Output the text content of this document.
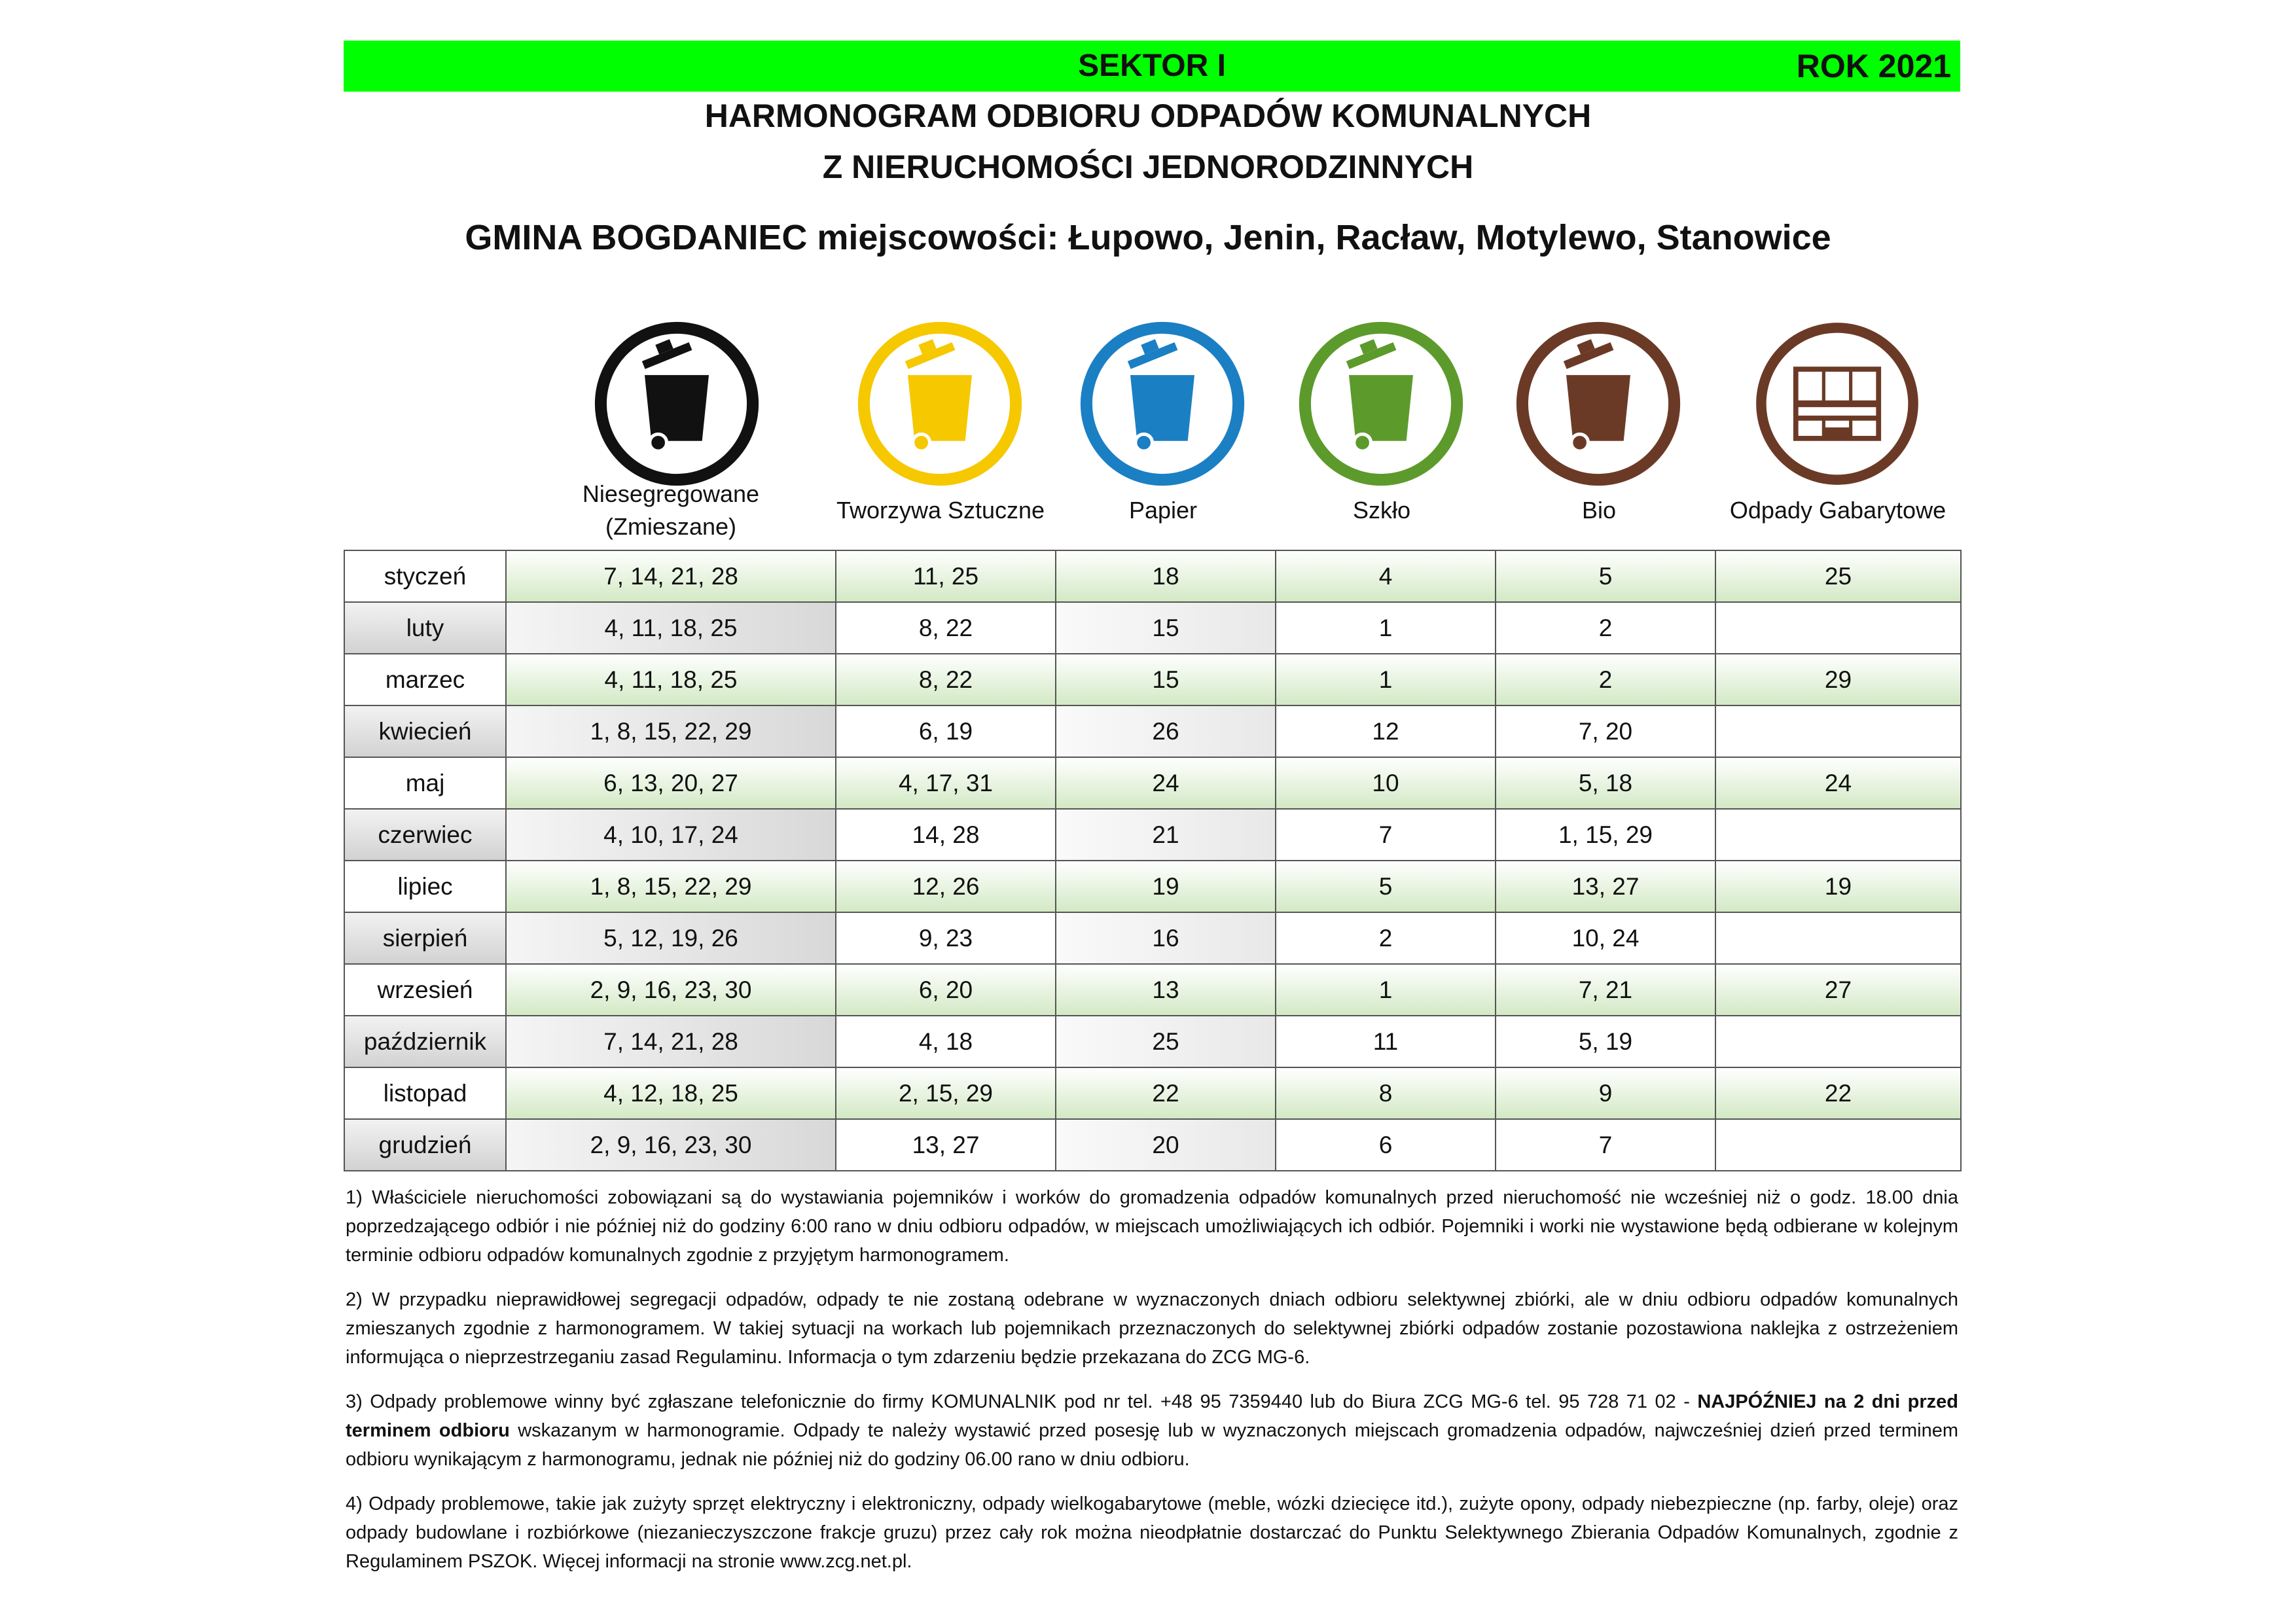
SEKTOR I	ROK 2021
HARMONOGRAM ODBIORU ODPADÓW KOMUNALNYCH
Z NIERUCHOMOŚCI JEDNORODZINNYCH
GMINA BOGDANIEC miejscowości: Łupowo, Jenin, Racław, Motylewo, Stanowice
Niesegregowane
(Zmieszane)
Tworzywa Sztuczne	Papier	Szkło	Bio	Odpady Gabarytowe
styczeń	7, 14, 21, 28	11, 25	18	4	5	25
luty	4, 11, 18, 25	8, 22	15	1	2	
marzec	4, 11, 18, 25	8, 22	15	1	2	29
kwiecień	1, 8, 15, 22, 29	6, 19	26	12	7, 20	
maj	6, 13, 20, 27	4, 17, 31	24	10	5, 18	24
czerwiec	4, 10, 17, 24	14, 28	21	7	1, 15, 29	
lipiec	1, 8, 15, 22, 29	12, 26	19	5	13, 27	19
sierpień	5, 12, 19, 26	9, 23	16	2	10, 24	
wrzesień	2, 9, 16, 23, 30	6, 20	13	1	7, 21	27
październik	7, 14, 21, 28	4, 18	25	11	5, 19	
listopad	4, 12, 18, 25	2, 15, 29	22	8	9	22
grudzień	2, 9, 16, 23, 30	13, 27	20	6	7	

1) Właściciele nieruchomości zobowiązani są do wystawiania pojemników i worków do gromadzenia odpadów komunalnych przed nieruchomość nie wcześniej niż o godz. 18.00 dnia poprzedzającego odbiór i nie później niż do godziny 6:00 rano w dniu odbioru odpadów, w miejscach umożliwiających ich odbiór. Pojemniki i worki nie wystawione będą odbierane w kolejnym terminie odbioru odpadów komunalnych zgodnie z przyjętym harmonogramem.

2) W przypadku nieprawidłowej segregacji odpadów, odpady te nie zostaną odebrane w wyznaczonych dniach odbioru selektywnej zbiórki, ale w dniu odbioru odpadów komunalnych zmieszanych zgodnie z harmonogramem. W takiej sytuacji na workach lub pojemnikach przeznaczonych do selektywnej zbiórki odpadów zostanie pozostawiona naklejka z ostrzeżeniem informująca o nieprzestrzeganiu zasad Regulaminu. Informacja o tym zdarzeniu będzie przekazana do ZCG MG-6.

3) Odpady problemowe winny być zgłaszane telefonicznie do firmy KOMUNALNIK pod nr tel. +48 95 7359440 lub do Biura ZCG MG-6 tel. 95 728 71 02 - NAJPÓŹNIEJ na 2 dni przed terminem odbioru wskazanym w harmonogramie. Odpady te należy wystawić przed posesję lub w wyznaczonych miejscach gromadzenia odpadów, najwcześniej dzień przed terminem odbioru wynikającym z harmonogramu, jednak nie później niż do godziny 06.00 rano w dniu odbioru.

4) Odpady problemowe, takie jak zużyty sprzęt elektryczny i elektroniczny, odpady wielkogabarytowe (meble, wózki dziecięce itd.), zużyte opony, odpady niebezpieczne (np. farby, oleje) oraz odpady budowlane i rozbiórkowe (niezanieczyszczone frakcje gruzu) przez cały rok można nieodpłatnie dostarczać do Punktu Selektywnego Zbierania Odpadów Komunalnych, zgodnie z Regulaminem PSZOK. Więcej informacji na stronie www.zcg.net.pl.
